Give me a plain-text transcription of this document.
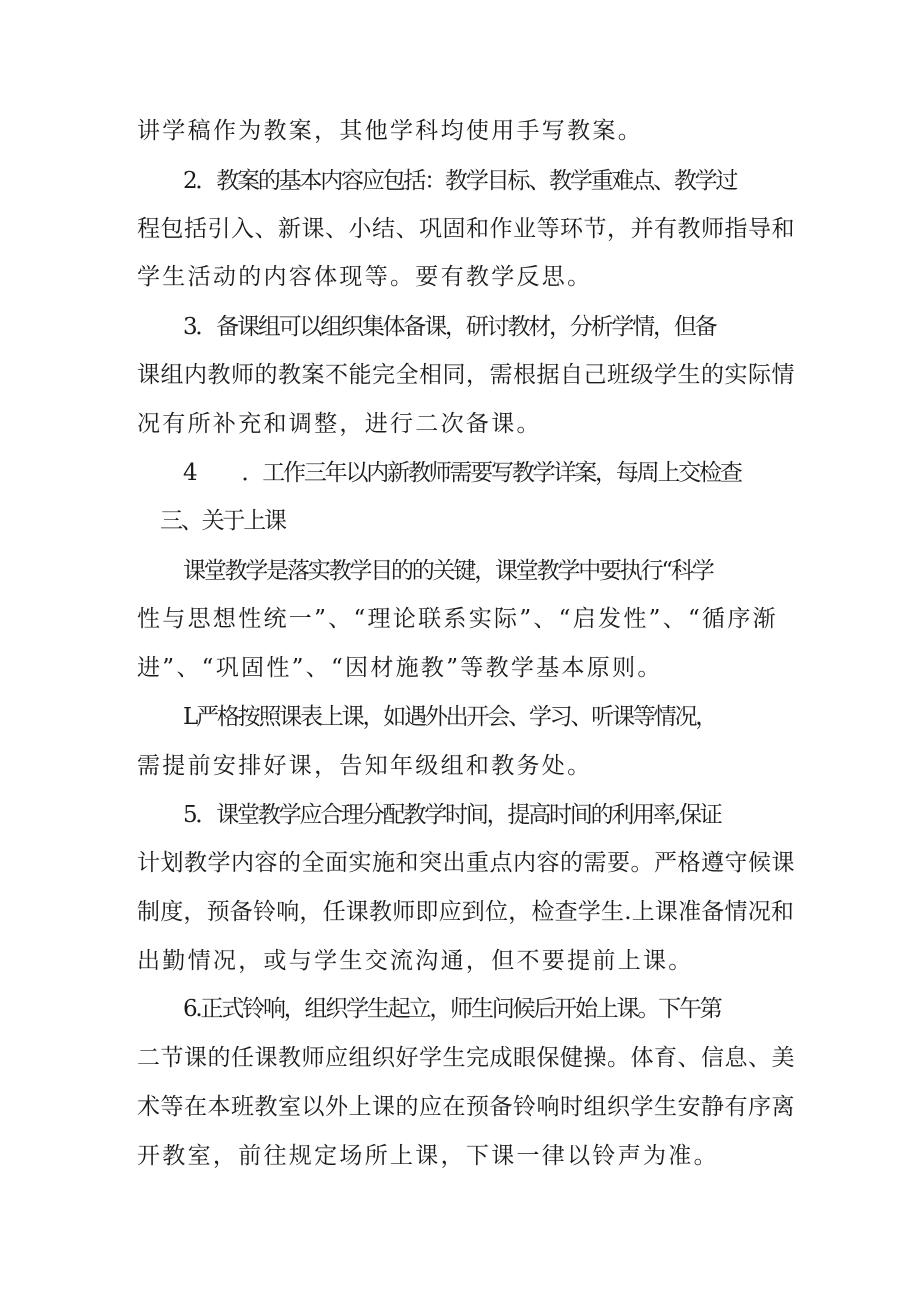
讲学稿作为教案，其他学科均使用手写教案。
2．教案的基本内容应包括：教学目标、教学重难点、教学过
程包括引入、新课、小结、巩固和作业等环节，并有教师指导和
学生活动的内容体现等。要有教学反思。
3．备课组可以组织集体备课，研讨教材，分析学情，但备
课组内教师的教案不能完全相同，需根据自己班级学生的实际情
况有所补充和调整，进行二次备课。
4 ．工作三年以内新教师需要写教学详案，每周上交检查
三、关于上课
课堂教学是落实教学目的的关键，课堂教学中要执行“科学
性与思想性统一”、“理论联系实际”、“启发性”、“循序渐
进”、“巩固性”、“因材施教”等教学基本原则。
L严格按照课表上课，如遇外出开会、学习、听课等情况，
需提前安排好课，告知年级组和教务处。
5．课堂教学应合理分配教学时间，提高时间的利用率,保证
计划教学内容的全面实施和突出重点内容的需要。严格遵守候课
制度，预备铃响，任课教师即应到位，检查学生.上课准备情况和
出勤情况，或与学生交流沟通，但不要提前上课。
6.正式铃响，组织学生起立，师生问候后开始上课。下午第
二节课的任课教师应组织好学生完成眼保健操。体育、信息、美
术等在本班教室以外上课的应在预备铃响时组织学生安静有序离
开教室，前往规定场所上课，下课一律以铃声为准。
